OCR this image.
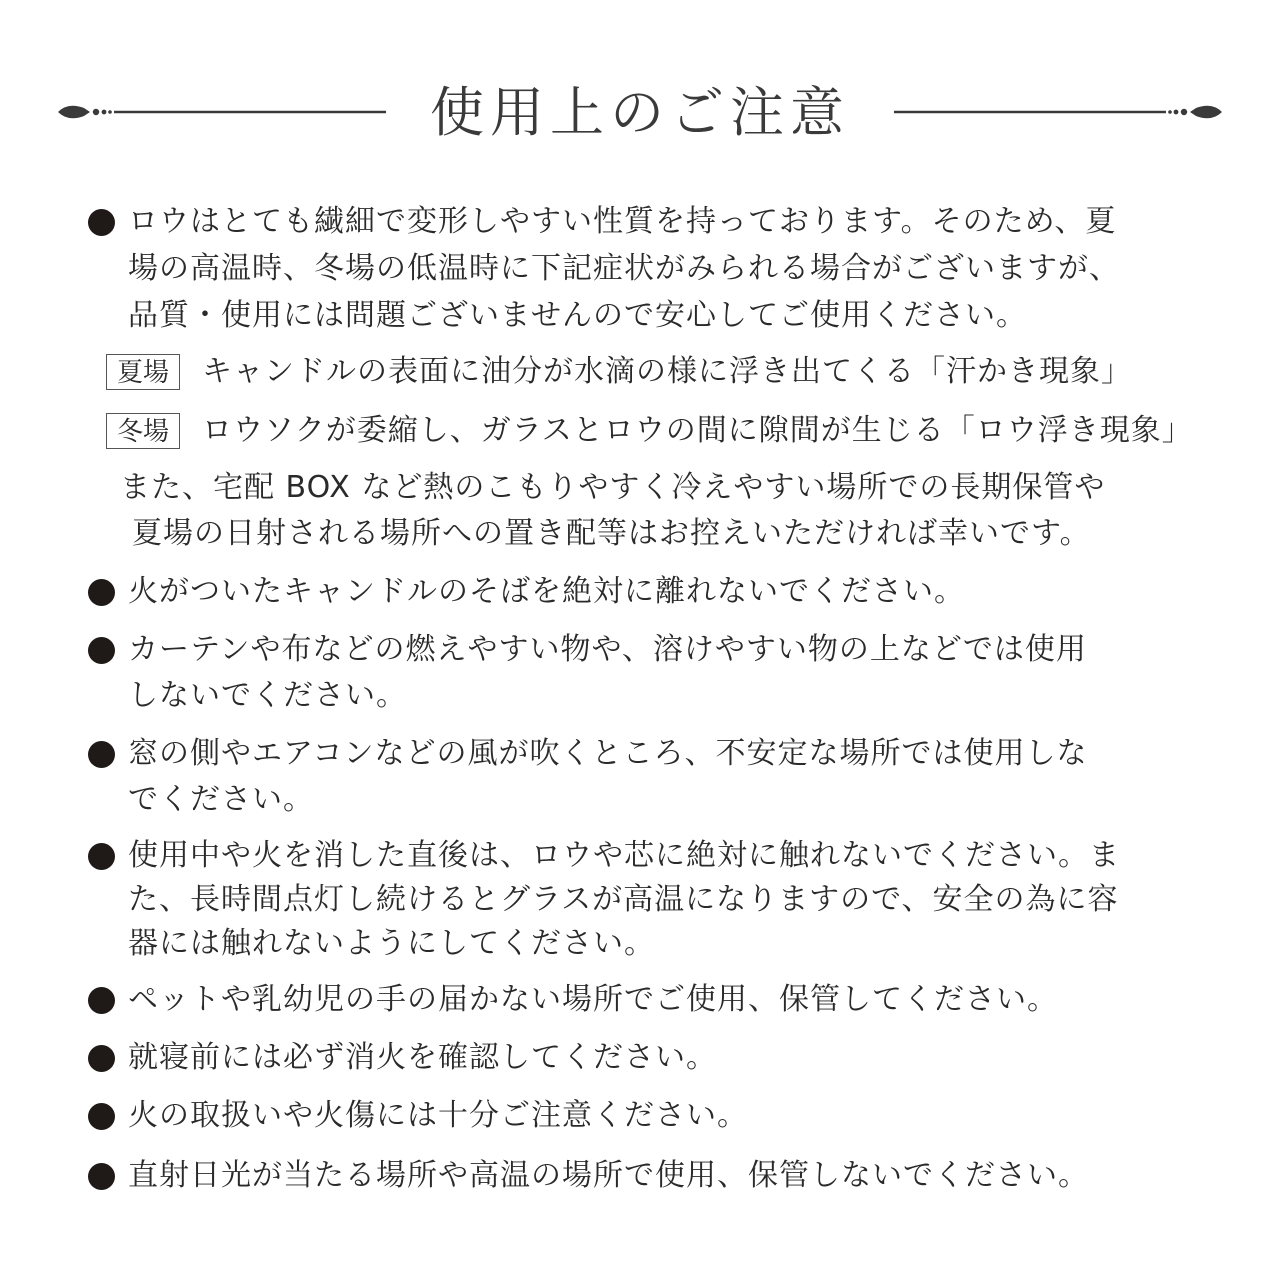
使用上のご注意
ロウはとても繊細で変形しやすい性質を持っております。そのため、夏
場の高温時、冬場の低温時に下記症状がみられる場合がございますが、
品質・使用には問題ございませんので安心してご使用ください。
夏場	キャンドルの表面に油分が水滴の様に浮き出てくる「汗かき現象」
冬場	ロウソクが委縮し、ガラスとロウの間に隙間が生じる「ロウ浮き現象」
また、宅配 BOX など熱のこもりやすく冷えやすい場所での長期保管や
夏場の日射される場所への置き配等はお控えいただければ幸いです。
火がついたキャンドルのそばを絶対に離れないでください。
カーテンや布などの燃えやすい物や、溶けやすい物の上などでは使用
しないでください。
窓の側やエアコンなどの風が吹くところ、不安定な場所では使用しな
でください。
使用中や火を消した直後は、ロウや芯に絶対に触れないでください。ま
た、長時間点灯し続けるとグラスが高温になりますので、安全の為に容
器には触れないようにしてください。
ペットや乳幼児の手の届かない場所でご使用、保管してください。
就寝前には必ず消火を確認してください。
火の取扱いや火傷には十分ご注意ください。
直射日光が当たる場所や高温の場所で使用、保管しないでください。
